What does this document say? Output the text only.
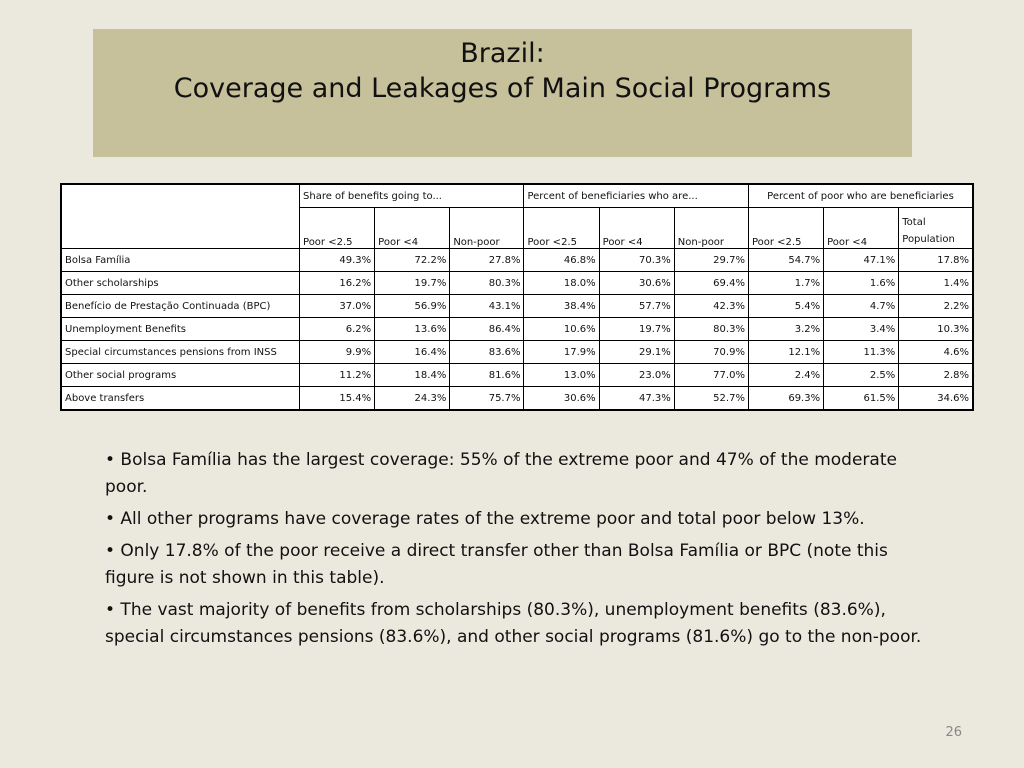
Brazil:
Coverage and Leakages of Main Social Programs
	Share of benefits going to...			Percent of beneficiaries who are...			Percent of poor who are beneficiaries		
	Poor <2.5	Poor <4	Non-poor	Poor <2.5	Poor <4	Non-poor	Poor <2.5	Poor <4	Total Population
Bolsa Família	49.3%	72.2%	27.8%	46.8%	70.3%	29.7%	54.7%	47.1%	17.8%
Other scholarships	16.2%	19.7%	80.3%	18.0%	30.6%	69.4%	1.7%	1.6%	1.4%
Benefício de Prestação Continuada (BPC)	37.0%	56.9%	43.1%	38.4%	57.7%	42.3%	5.4%	4.7%	2.2%
Unemployment Benefits	6.2%	13.6%	86.4%	10.6%	19.7%	80.3%	3.2%	3.4%	10.3%
Special circumstances pensions from INSS	9.9%	16.4%	83.6%	17.9%	29.1%	70.9%	12.1%	11.3%	4.6%
Other social programs	11.2%	18.4%	81.6%	13.0%	23.0%	77.0%	2.4%	2.5%	2.8%
Above transfers	15.4%	24.3%	75.7%	30.6%	47.3%	52.7%	69.3%	61.5%	34.6%

• Bolsa Família has the largest coverage: 55% of the extreme poor and 47% of the moderate poor.

• All other programs have coverage rates of the extreme poor and total poor below 13%.

• Only 17.8% of the poor receive a direct transfer other than Bolsa Família or BPC (note this figure is not shown in this table).

• The vast majority of benefits from scholarships (80.3%), unemployment benefits (83.6%), special circumstances pensions (83.6%), and other social programs (81.6%) go to the non-poor.

26
